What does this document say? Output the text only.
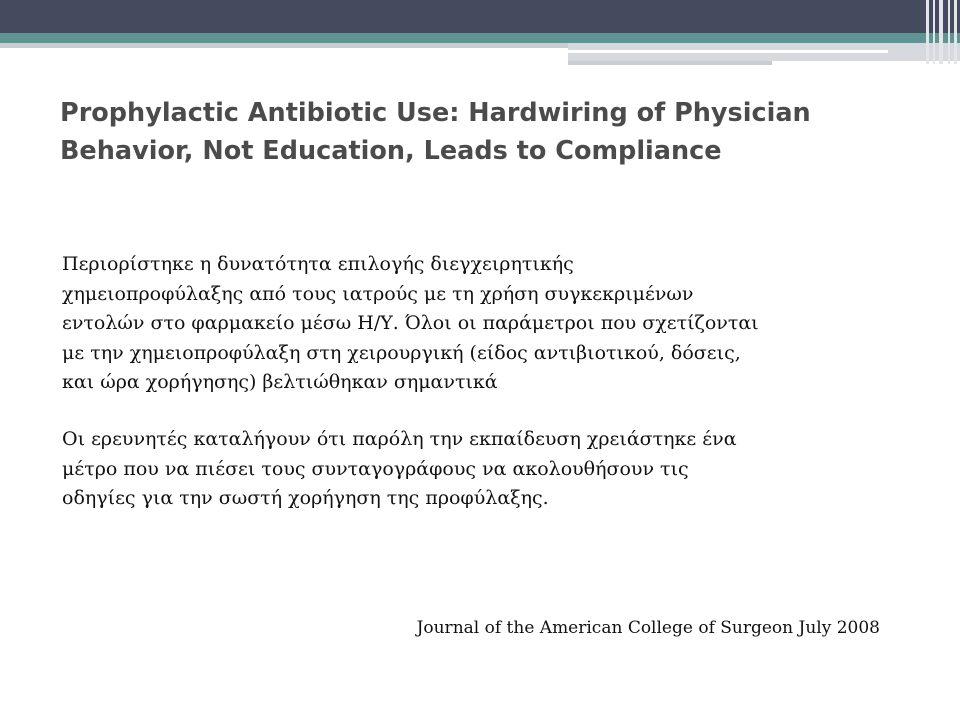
Prophylactic Antibiotic Use: Hardwiring of Physician
Behavior, Not Education, Leads to Compliance

Περιορίστηκε η δυνατότητα επιλογής διεγχειρητικής
χημειοπροφύλαξης από τους ιατρούς με τη χρήση συγκεκριμένων
εντολών στο φαρμακείο μέσω Η/Υ. Όλοι οι παράμετροι που σχετίζονται
με την χημειοπροφύλαξη στη χειρουργική (είδος αντιβιοτικού, δόσεις,
και ώρα χορήγησης) βελτιώθηκαν σημαντικά

Οι ερευνητές καταλήγουν ότι παρόλη την εκπαίδευση χρειάστηκε ένα
μέτρο που να πιέσει τους συνταγογράφους να ακολουθήσουν τις
οδηγίες για την σωστή χορήγηση της προφύλαξης.

Journal of the American College of Surgeon July 2008
